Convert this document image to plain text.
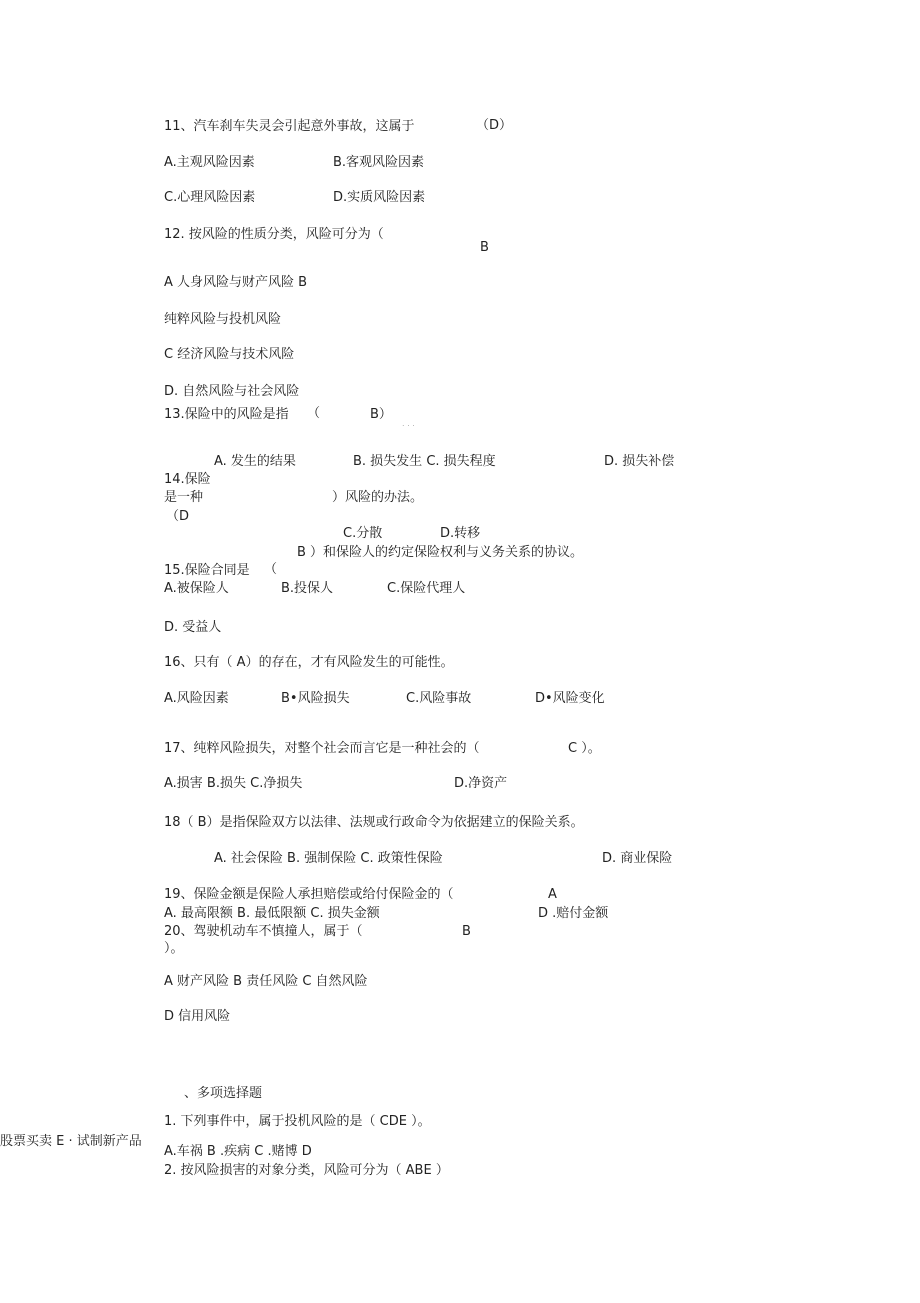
11、汽车刹车失灵会引起意外事故，这属于	（D）
A.主观风险因素	B.客观风险因素
C.心理风险因素	D.实质风险因素
12. 按风险的性质分类，风险可分为（
B
A 人身风险与财产风险 B
纯粹风险与投机风险
C 经济风险与技术风险
D. 自然风险与社会风险
13.保险中的风险是指 （	B）
. . .
A. 发生的结果	B. 损失发生 C. 损失程度	D. 损失补偿
14.保险
是一种	）风险的办法。
（D
C.分散	D.转移
B ）和保险人的约定保险权利与义务关系的协议。
15.保险合同是 （
A.被保险人	B.投保人	C.保险代理人
D. 受益人
16、只有（ A）的存在，才有风险发生的可能性。
A.风险因素	B•风险损失	C.风险事故	D•风险变化
17、纯粹风险损失，对整个社会而言它是一种社会的（	C ）。
A.损害 B.损失 C.净损失	D.净资产
18（ B）是指保险双方以法律、法规或行政命令为依据建立的保险关系。
A. 社会保险 B. 强制保险 C. 政策性保险	D. 商业保险
19、保险金额是保险人承担赔偿或给付保险金的（	A
A. 最高限额 B. 最低限额 C. 损失金额	D .赔付金额
20、驾驶机动车不慎撞人，属于（	B
）。
A 财产风险 B 责任风险 C 自然风险
D 信用风险
、多项选择题
1. 下列事件中，属于投机风险的是（ CDE ）。
股票买卖 E · 试制新产品
A.车祸 B .疾病 C .赌博 D
2. 按风险损害的对象分类，风险可分为（ ABE ）
